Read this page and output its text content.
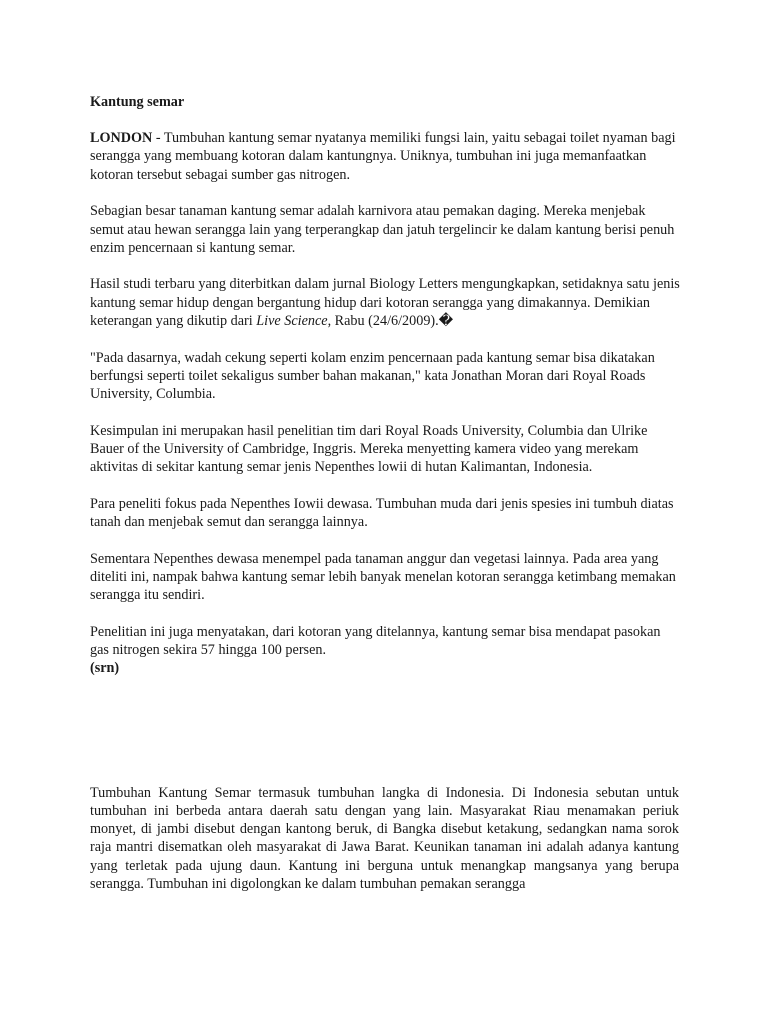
Kantung semar

LONDON - Tumbuhan kantung semar nyatanya memiliki fungsi lain, yaitu sebagai toilet nyaman bagi serangga yang membuang kotoran dalam kantungnya. Uniknya, tumbuhan ini juga memanfaatkan kotoran tersebut sebagai sumber gas nitrogen.

Sebagian besar tanaman kantung semar adalah karnivora atau pemakan daging. Mereka menjebak semut atau hewan serangga lain yang terperangkap dan jatuh tergelincir ke dalam kantung berisi penuh enzim pencernaan si kantung semar.

Hasil studi terbaru yang diterbitkan dalam jurnal Biology Letters mengungkapkan, setidaknya satu jenis kantung semar hidup dengan bergantung hidup dari kotoran serangga yang dimakannya. Demikian keterangan yang dikutip dari Live Science, Rabu (24/6/2009).�

"Pada dasarnya, wadah cekung seperti kolam enzim pencernaan pada kantung semar bisa dikatakan berfungsi seperti toilet sekaligus sumber bahan makanan," kata Jonathan Moran dari Royal Roads University, Columbia.

Kesimpulan ini merupakan hasil penelitian tim dari Royal Roads University, Columbia dan Ulrike Bauer of the University of Cambridge, Inggris. Mereka menyetting kamera video yang merekam aktivitas di sekitar kantung semar jenis Nepenthes lowii di hutan Kalimantan, Indonesia.

Para peneliti fokus pada Nepenthes Iowii dewasa. Tumbuhan muda dari jenis spesies ini tumbuh diatas tanah dan menjebak semut dan serangga lainnya.

Sementara Nepenthes dewasa menempel pada tanaman anggur dan vegetasi lainnya. Pada area yang diteliti ini, nampak bahwa kantung semar lebih banyak menelan kotoran serangga ketimbang memakan serangga itu sendiri.

Penelitian ini juga menyatakan, dari kotoran yang ditelannya, kantung semar bisa mendapat pasokan gas nitrogen sekira 57 hingga 100 persen.

(srn)

Tumbuhan Kantung Semar termasuk tumbuhan langka di Indonesia. Di Indonesia sebutan untuk tumbuhan ini berbeda antara daerah satu dengan yang lain. Masyarakat Riau menamakan periuk monyet, di jambi disebut dengan kantong beruk, di Bangka disebut ketakung, sedangkan nama sorok raja mantri disematkan oleh masyarakat di Jawa Barat. Keunikan tanaman ini adalah adanya kantung yang terletak pada ujung daun. Kantung ini berguna untuk menangkap mangsanya yang berupa serangga. Tumbuhan ini digolongkan ke dalam tumbuhan pemakan serangga
